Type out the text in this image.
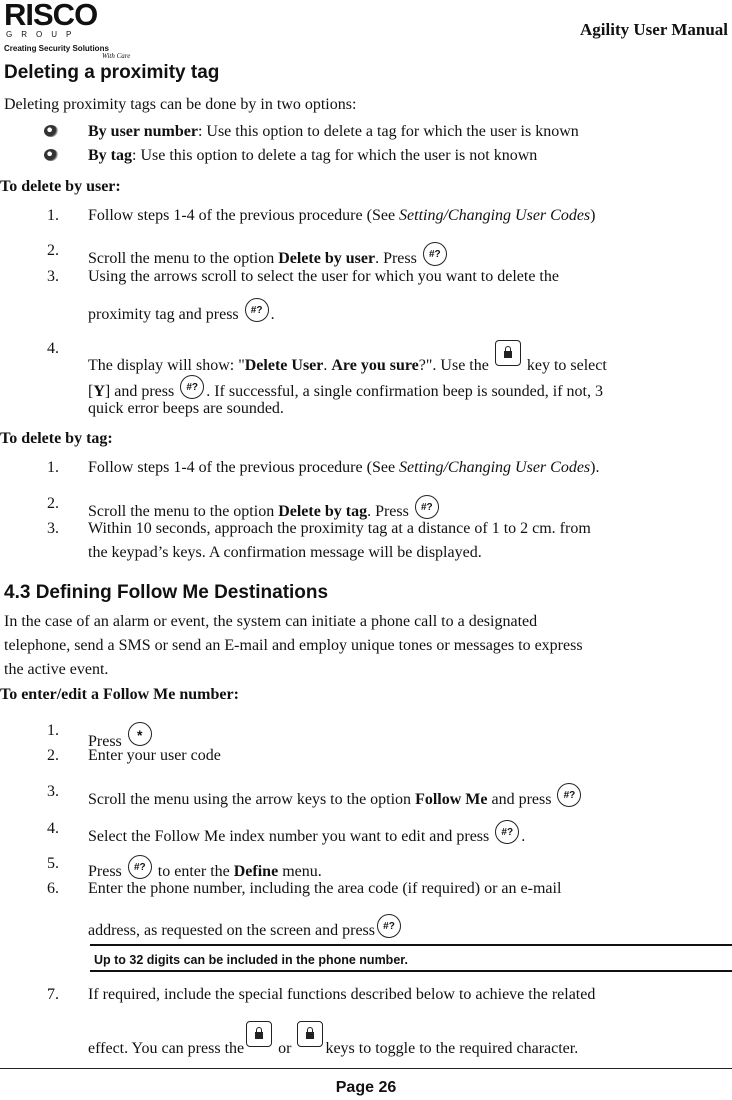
RISCO
GROUP
Creating Security Solutions
With Care
Agility User Manual
Deleting a proximity tag
Deleting proximity tags can be done by in two options:
By user number: Use this option to delete a tag for which the user is known
By tag: Use this option to delete a tag for which the user is not known
To delete by user:
1. Follow steps 1-4 of the previous procedure (See Setting/Changing User Codes)
2. Scroll the menu to the option Delete by user. Press #?
3. Using the arrows scroll to select the user for which you want to delete the
proximity tag and press #? .
4.
The display will show: "Delete User. Are you sure?". Use the
key to select
[Y] and press #? . If successful, a single confirmation beep is sounded, if not, 3
quick error beeps are sounded.
To delete by tag:
1. Follow steps 1-4 of the previous procedure (See Setting/Changing User Codes).
2. Scroll the menu to the option Delete by tag. Press #?
3. Within 10 seconds, approach the proximity tag at a distance of 1 to 2 cm. from
the keypad’s keys. A confirmation message will be displayed.
4.3 Defining Follow Me Destinations
In the case of an alarm or event, the system can initiate a phone call to a designated
telephone, send a SMS or send an E-mail and employ unique tones or messages to express
the active event.
To enter/edit a Follow Me number:
1.
Press *
2. Enter your user code
3. Scroll the menu using the arrow keys to the option Follow Me and press #?
4. Select the Follow Me index number you want to edit and press #? .
5. Press #? to enter the Define menu.
6. Enter the phone number, including the area code (if required) or an e-mail
address, as requested on the screen and press #?
Up to 32 digits can be included in the phone number.
7. If required, include the special functions described below to achieve the related
effect. You can press the
or
keys to toggle to the required character.
Page 26
